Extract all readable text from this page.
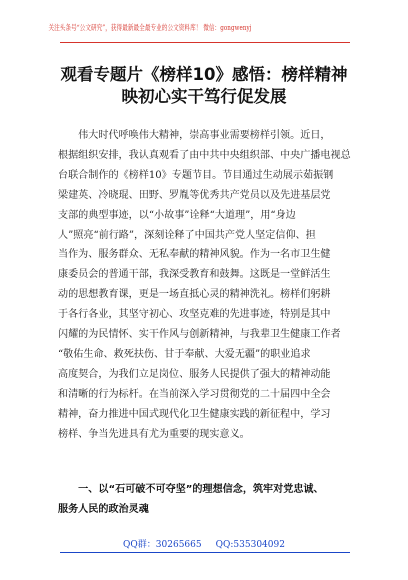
关注头条号“公文研究”，获得最新最全最专业的公文资料库！ 微信：gongwenyj
观看专题片《榜样10》感悟：榜样精神
映初心实干笃行促发展
　　伟大时代呼唤伟大精神，崇高事业需要榜样引领。近日，
根据组织安排，我认真观看了由中共中央组织部、中央广播电视总
台联合制作的《榜样10》专题节目。节目通过生动展示茹振钢
梁建英、冷晓琨、田野、罗胤等优秀共产党员以及先进基层党
支部的典型事迹，以“小故事”诠释“大道理”，用“身边
人”照亮“前行路”，深刻诠释了中国共产党人坚定信仰、担
当作为、服务群众、无私奉献的精神风貌。作为一名市卫生健
康委员会的普通干部，我深受教育和鼓舞。这既是一堂鲜活生
动的思想教育课，更是一场直抵心灵的精神洗礼。榜样们躬耕
于各行各业，其坚守初心、攻坚克难的先进事迹，特别是其中
闪耀的为民情怀、实干作风与创新精神，与我辈卫生健康工作者
“敬佑生命、救死扶伤、甘于奉献、大爱无疆”的职业追求
高度契合，为我们立足岗位、服务人民提供了强大的精神动能
和清晰的行为标杆。在当前深入学习贯彻党的二十届四中全会
精神，奋力推进中国式现代化卫生健康实践的新征程中，学习
榜样、争当先进具有尤为重要的现实意义。
　　一、以“石可破不可夺坚”的理想信念，筑牢对党忠诚、
服务人民的政治灵魂
QQ群：30265665 QQ:535304092
